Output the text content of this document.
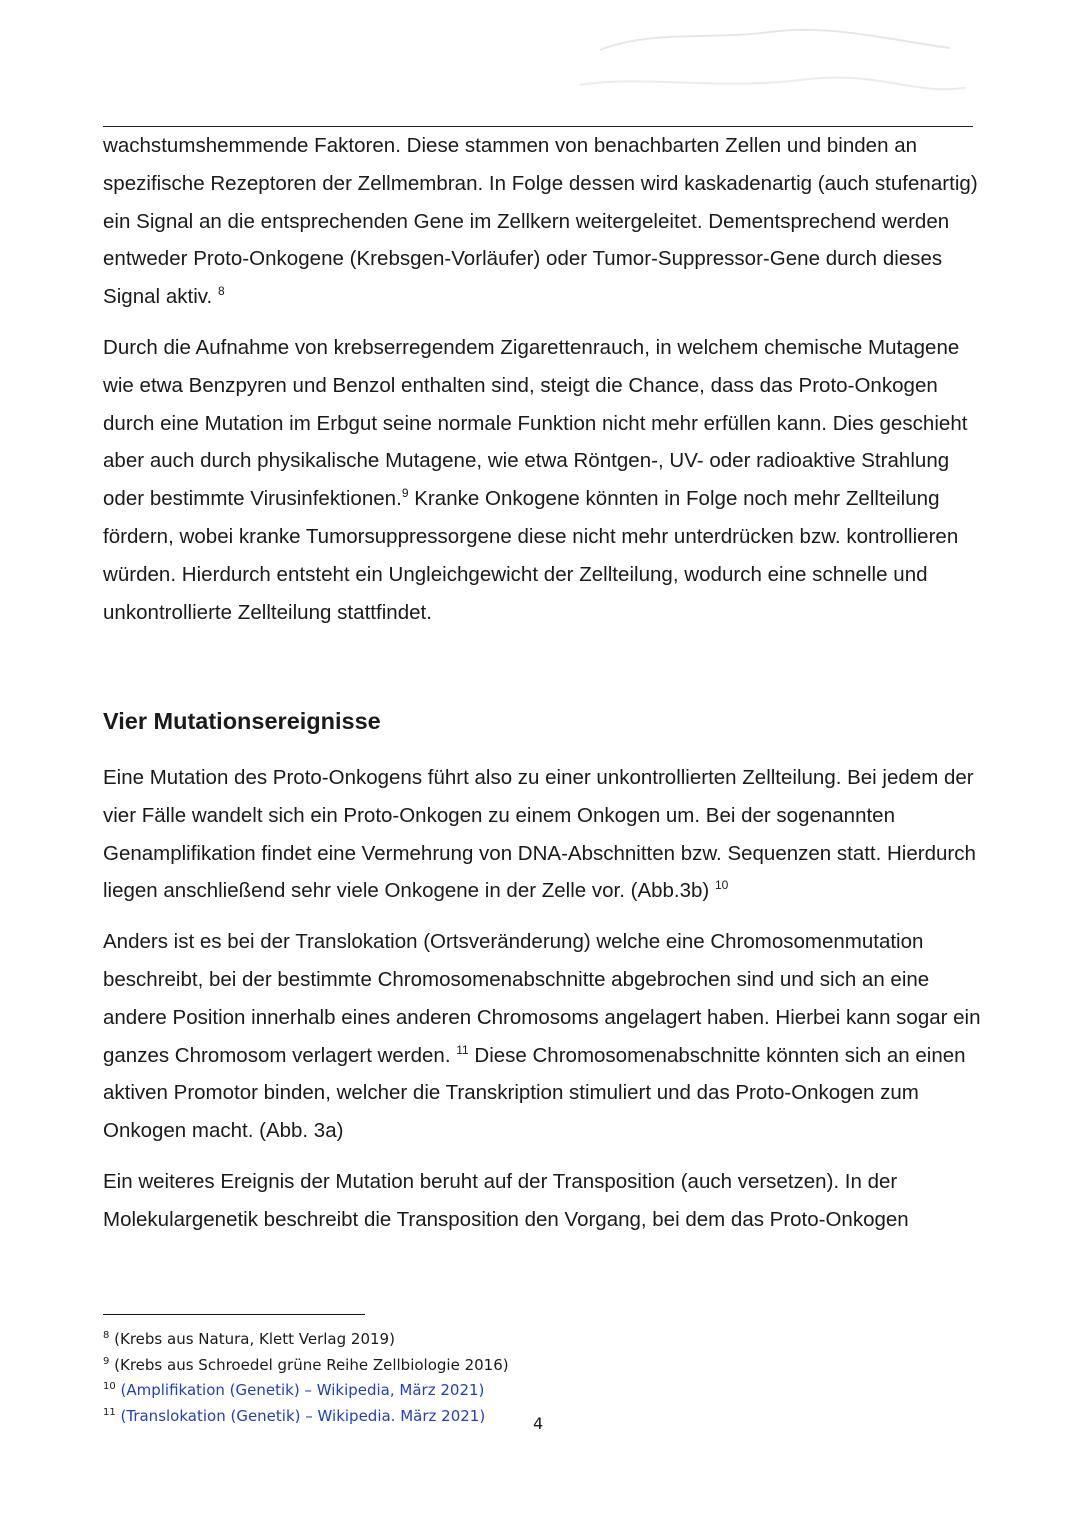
wachstumshemmende Faktoren. Diese stammen von benachbarten Zellen und binden an spezifische Rezeptoren der Zellmembran. In Folge dessen wird kaskadenartig (auch stufenartig) ein Signal an die entsprechenden Gene im Zellkern weitergeleitet. Dementsprechend werden entweder Proto-Onkogene (Krebsgen-Vorläufer) oder Tumor-Suppressor-Gene durch dieses Signal aktiv. $^8$

Durch die Aufnahme von krebserregendem Zigarettenrauch, in welchem chemische Mutagene wie etwa Benzpyren und Benzol enthalten sind, steigt die Chance, dass das Proto-Onkogen durch eine Mutation im Erbgut seine normale Funktion nicht mehr erfüllen kann. Dies geschieht aber auch durch physikalische Mutagene, wie etwa Röntgen-, UV- oder radioaktive Strahlung oder bestimmte Virusinfektionen.$^9$ Kranke Onkogene könnten in Folge noch mehr Zellteilung fördern, wobei kranke Tumorsuppressorgene diese nicht mehr unterdrücken bzw. kontrollieren würden. Hierdurch entsteht ein Ungleichgewicht der Zellteilung, wodurch eine schnelle und unkontrollierte Zellteilung stattfindet.

Vier Mutationsereignisse

Eine Mutation des Proto-Onkogens führt also zu einer unkontrollierten Zellteilung. Bei jedem der vier Fälle wandelt sich ein Proto-Onkogen zu einem Onkogen um. Bei der sogenannten Genamplifikation findet eine Vermehrung von DNA-Abschnitten bzw. Sequenzen statt. Hierdurch liegen anschließend sehr viele Onkogene in der Zelle vor. (Abb.3b) $^{10}$

Anders ist es bei der Translokation (Ortsveränderung) welche eine Chromosomenmutation beschreibt, bei der bestimmte Chromosomenabschnitte abgebrochen sind und sich an eine andere Position innerhalb eines anderen Chromosoms angelagert haben. Hierbei kann sogar ein ganzes Chromosom verlagert werden. $^{11}$ Diese Chromosomenabschnitte könnten sich an einen aktiven Promotor binden, welcher die Transkription stimuliert und das Proto-Onkogen zum Onkogen macht. (Abb. 3a)

Ein weiteres Ereignis der Mutation beruht auf der Transposition (auch versetzen). In der Molekulargenetik beschreibt die Transposition den Vorgang, bei dem das Proto-Onkogen

$^8$ (Krebs aus Natura, Klett Verlag 2019)
$^9$ (Krebs aus Schroedel grüne Reihe Zellbiologie 2016)
$^{10}$ (Amplifikation (Genetik) – Wikipedia, März 2021)
$^{11}$ (Translokation (Genetik) – Wikipedia. März 2021)	4
